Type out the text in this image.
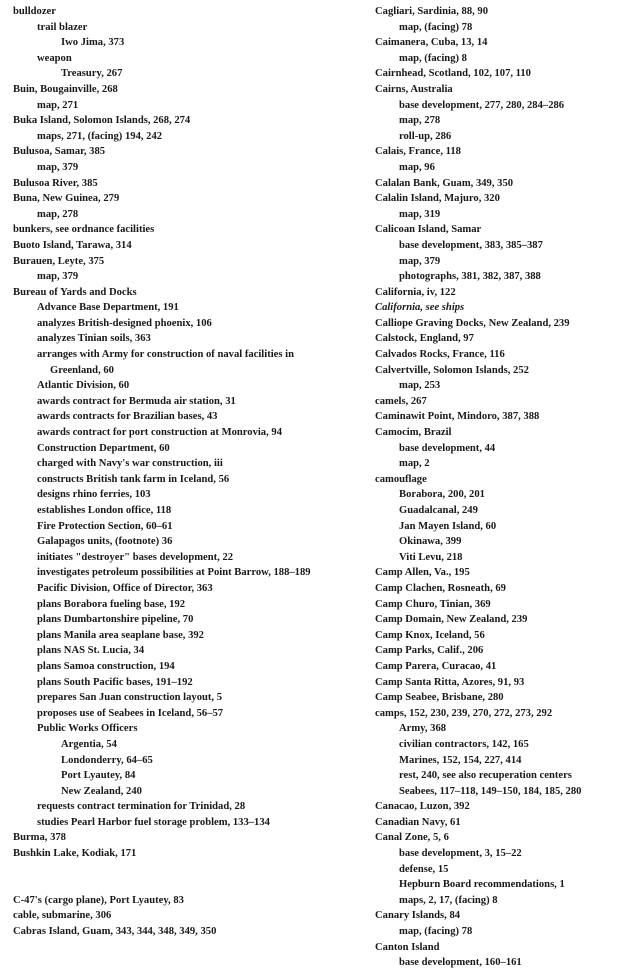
bulldozer

trail blazer

Iwo Jima, 373

weapon

Treasury, 267

Buin, Bougainville, 268

map, 271

Buka Island, Solomon Islands, 268, 274

maps, 271, (facing) 194, 242

Bulusoa, Samar, 385

map, 379

Bulusoa River, 385

Buna, New Guinea, 279

map, 278

bunkers, see ordnance facilities

Buoto Island, Tarawa, 314

Burauen, Leyte, 375

map, 379

Bureau of Yards and Docks

Advance Base Department, 191

analyzes British-designed phoenix, 106

analyzes Tinian soils, 363

arranges with Army for construction of naval facilities in Greenland, 60

Atlantic Division, 60

awards contract for Bermuda air station, 31

awards contracts for Brazilian bases, 43

awards contract for port construction at Monrovia, 94

Construction Department, 60

charged with Navy's war construction, iii

constructs British tank farm in Iceland, 56

designs rhino ferries, 103

establishes London office, 118

Fire Protection Section, 60–61

Galapagos units, (footnote) 36

initiates "destroyer" bases development, 22

investigates petroleum possibilities at Point Barrow, 188–189

Pacific Division, Office of Director, 363

plans Borabora fueling base, 192

plans Dumbartonshire pipeline, 70

plans Manila area seaplane base, 392

plans NAS St. Lucia, 34

plans Samoa construction, 194

plans South Pacific bases, 191–192

prepares San Juan construction layout, 5

proposes use of Seabees in Iceland, 56–57

Public Works Officers

Argentia, 54

Londonderry, 64–65

Port Lyautey, 84

New Zealand, 240

requests contract termination for Trinidad, 28

studies Pearl Harbor fuel storage problem, 133–134

Burma, 378

Bushkin Lake, Kodiak, 171

C-47's (cargo plane), Port Lyautey, 83

cable, submarine, 306

Cabras Island, Guam, 343, 344, 348, 349, 350

Cagliari, Sardinia, 88, 90

map, (facing) 78

Caimanera, Cuba, 13, 14

map, (facing) 8

Cairnhead, Scotland, 102, 107, 110

Cairns, Australia

base development, 277, 280, 284–286

map, 278

roll-up, 286

Calais, France, 118

map, 96

Calalan Bank, Guam, 349, 350

Calalin Island, Majuro, 320

map, 319

Calicoan Island, Samar

base development, 383, 385–387

map, 379

photographs, 381, 382, 387, 388

California, iv, 122

California, see ships

Calliope Graving Docks, New Zealand, 239

Calstock, England, 97

Calvados Rocks, France, 116

Calvertville, Solomon Islands, 252

map, 253

camels, 267

Caminawit Point, Mindoro, 387, 388

Camocim, Brazil

base development, 44

map, 2

camouflage

Borabora, 200, 201

Guadalcanal, 249

Jan Mayen Island, 60

Okinawa, 399

Viti Levu, 218

Camp Allen, Va., 195

Camp Clachen, Rosneath, 69

Camp Churo, Tinian, 369

Camp Domain, New Zealand, 239

Camp Knox, Iceland, 56

Camp Parks, Calif., 206

Camp Parera, Curacao, 41

Camp Santa Ritta, Azores, 91, 93

Camp Seabee, Brisbane, 280

camps, 152, 230, 239, 270, 272, 273, 292

Army, 368

civilian contractors, 142, 165

Marines, 152, 154, 227, 414

rest, 240, see also recuperation centers

Seabees, 117–118, 149–150, 184, 185, 280

Canacao, Luzon, 392

Canadian Navy, 61

Canal Zone, 5, 6

base development, 3, 15–22

defense, 15

Hepburn Board recommendations, 1

maps, 2, 17, (facing) 8

Canary Islands, 84

map, (facing) 78

Canton Island

base development, 160–161
